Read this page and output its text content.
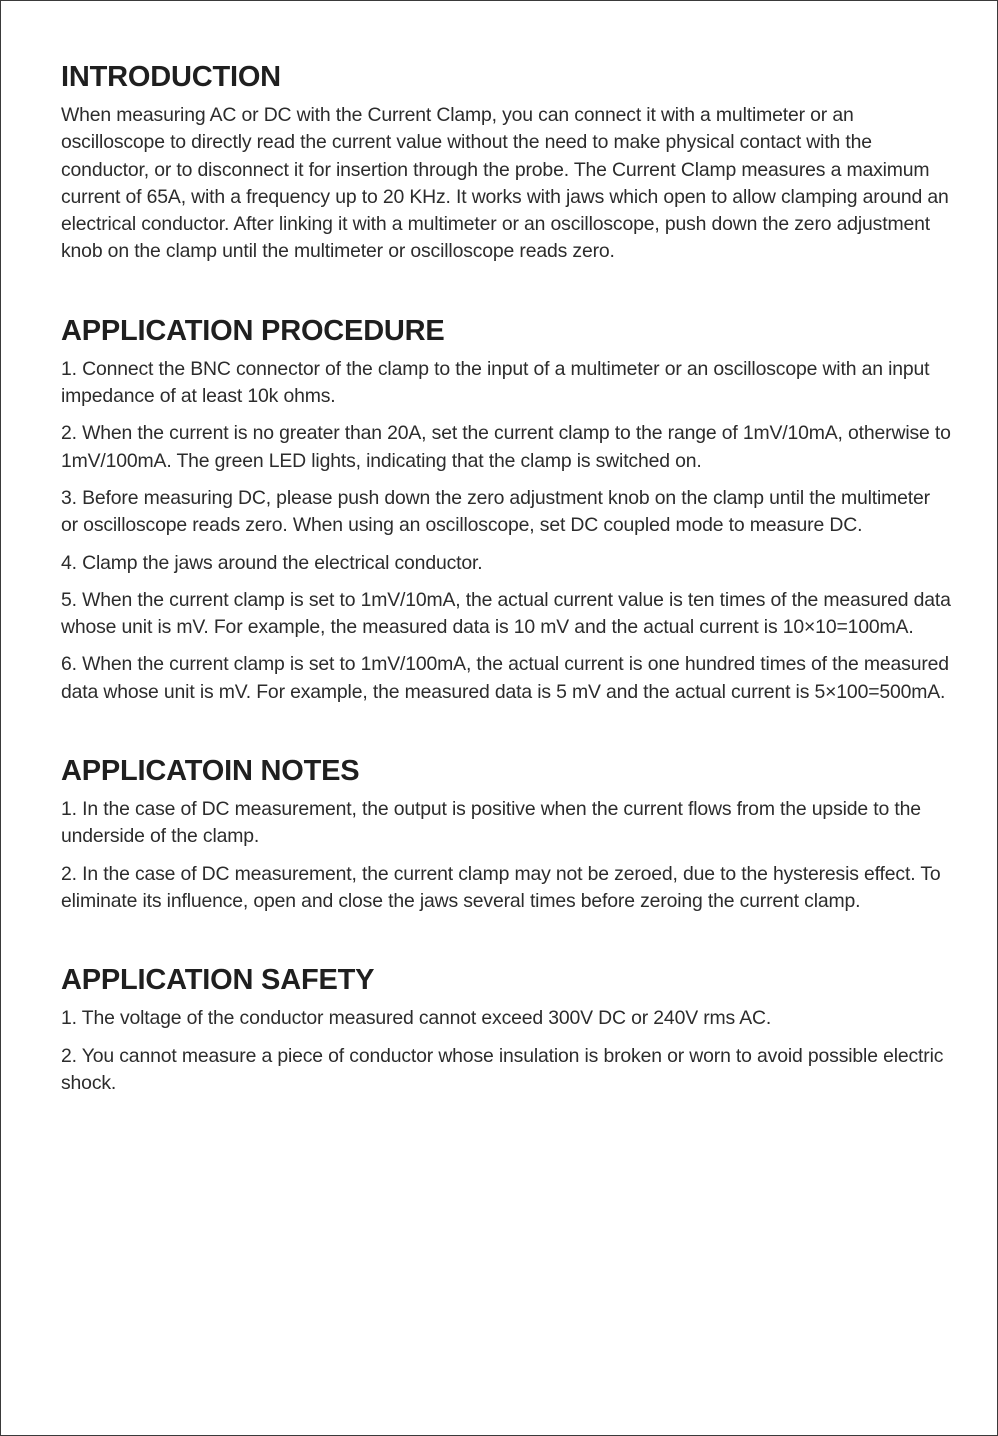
INTRODUCTION

When measuring AC or DC with the Current Clamp, you can connect it with a multimeter or an oscilloscope to directly read the current value without the need to make physical contact with the conductor, or to disconnect it for insertion through the probe. The Current Clamp measures a maximum current of 65A, with a frequency up to 20 KHz. It works with jaws which open to allow clamping around an electrical conductor. After linking it with a multimeter or an oscilloscope, push down the zero adjustment knob on the clamp until the multimeter or oscilloscope reads zero.

APPLICATION PROCEDURE

1. Connect the BNC connector of the clamp to the input of a multimeter or an oscilloscope with an input impedance of at least 10k ohms.

2. When the current is no greater than 20A, set the current clamp to the range of 1mV/10mA, otherwise to 1mV/100mA. The green LED lights, indicating that the clamp is switched on.

3. Before measuring DC, please push down the zero adjustment knob on the clamp until the multimeter or oscilloscope reads zero. When using an oscilloscope, set DC coupled mode to measure DC.

4. Clamp the jaws around the electrical conductor.

5. When the current clamp is set to 1mV/10mA, the actual current value is ten times of the measured data whose unit is mV. For example, the measured data is 10 mV and the actual current is 10×10=100mA.

6. When the current clamp is set to 1mV/100mA, the actual current is one hundred times of the measured data whose unit is mV. For example, the measured data is 5 mV and the actual current is 5×100=500mA.

APPLICATOIN NOTES

1. In the case of DC measurement, the output is positive when the current flows from the upside to the underside of the clamp.

2. In the case of DC measurement, the current clamp may not be zeroed, due to the hysteresis effect. To eliminate its influence, open and close the jaws several times before zeroing the current clamp.

APPLICATION SAFETY

1. The voltage of the conductor measured cannot exceed 300V DC or 240V rms AC.

2. You cannot measure a piece of conductor whose insulation is broken or worn to avoid possible electric shock.
